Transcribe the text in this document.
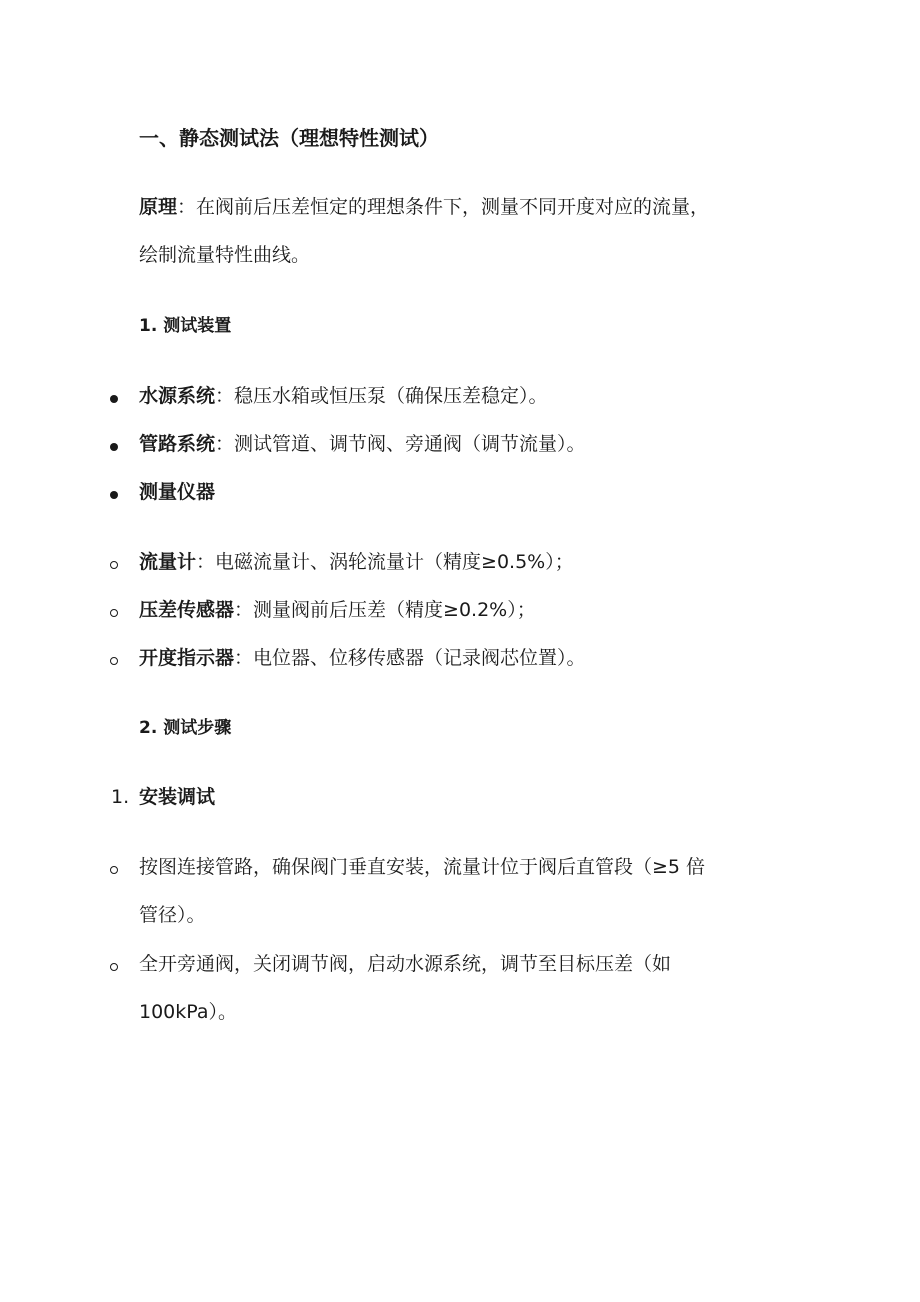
一、静态测试法（理想特性测试）
原理：在阀前后压差恒定的理想条件下，测量不同开度对应的流量，
绘制流量特性曲线。
1. 测试装置
水源系统：稳压水箱或恒压泵（确保压差稳定）。
管路系统：测试管道、调节阀、旁通阀（调节流量）。
测量仪器
流量计：电磁流量计、涡轮流量计（精度≥0.5%）；
压差传感器：测量阀前后压差（精度≥0.2%）；
开度指示器：电位器、位移传感器（记录阀芯位置）。
2. 测试步骤
1. 安装调试
按图连接管路，确保阀门垂直安装，流量计位于阀后直管段（≥5 倍
管径）。
全开旁通阀，关闭调节阀，启动水源系统，调节至目标压差（如
100kPa）。
